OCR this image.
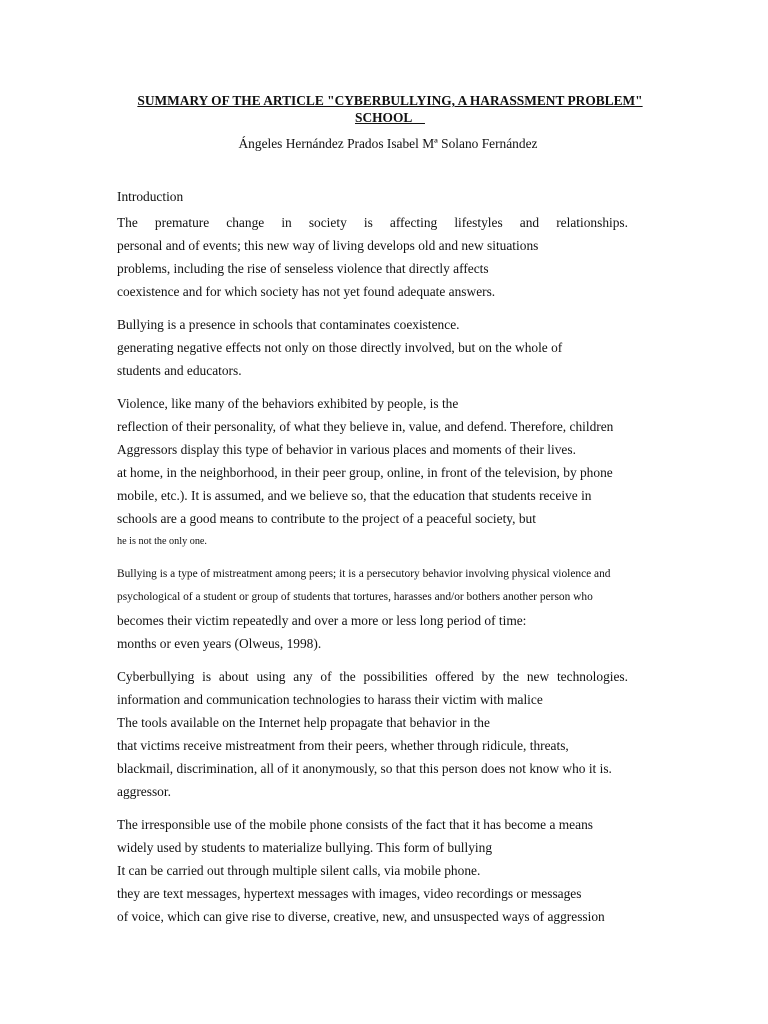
SUMMARY OF THE ARTICLE "CYBERBULLYING, A HARASSMENT PROBLEM"
SCHOOL
Ángeles Hernández Prados Isabel Mª Solano Fernández
Introduction
The premature change in society is affecting lifestyles and relationships.
personal and of events; this new way of living develops old and new situations
problems, including the rise of senseless violence that directly affects
coexistence and for which society has not yet found adequate answers.
Bullying is a presence in schools that contaminates coexistence.
generating negative effects not only on those directly involved, but on the whole of
students and educators.
Violence, like many of the behaviors exhibited by people, is the
reflection of their personality, of what they believe in, value, and defend. Therefore, children
Aggressors display this type of behavior in various places and moments of their lives.
at home, in the neighborhood, in their peer group, online, in front of the television, by phone
mobile, etc.). It is assumed, and we believe so, that the education that students receive in
schools are a good means to contribute to the project of a peaceful society, but
he is not the only one.
Bullying is a type of mistreatment among peers; it is a persecutory behavior involving physical violence and
psychological of a student or group of students that tortures, harasses and/or bothers another person who
becomes their victim repeatedly and over a more or less long period of time:
months or even years (Olweus, 1998).
Cyberbullying is about using any of the possibilities offered by the new technologies.
information and communication technologies to harass their victim with malice
The tools available on the Internet help propagate that behavior in the
that victims receive mistreatment from their peers, whether through ridicule, threats,
blackmail, discrimination, all of it anonymously, so that this person does not know who it is.
aggressor.
The irresponsible use of the mobile phone consists of the fact that it has become a means
widely used by students to materialize bullying. This form of bullying
It can be carried out through multiple silent calls, via mobile phone.
they are text messages, hypertext messages with images, video recordings or messages
of voice, which can give rise to diverse, creative, new, and unsuspected ways of aggression
